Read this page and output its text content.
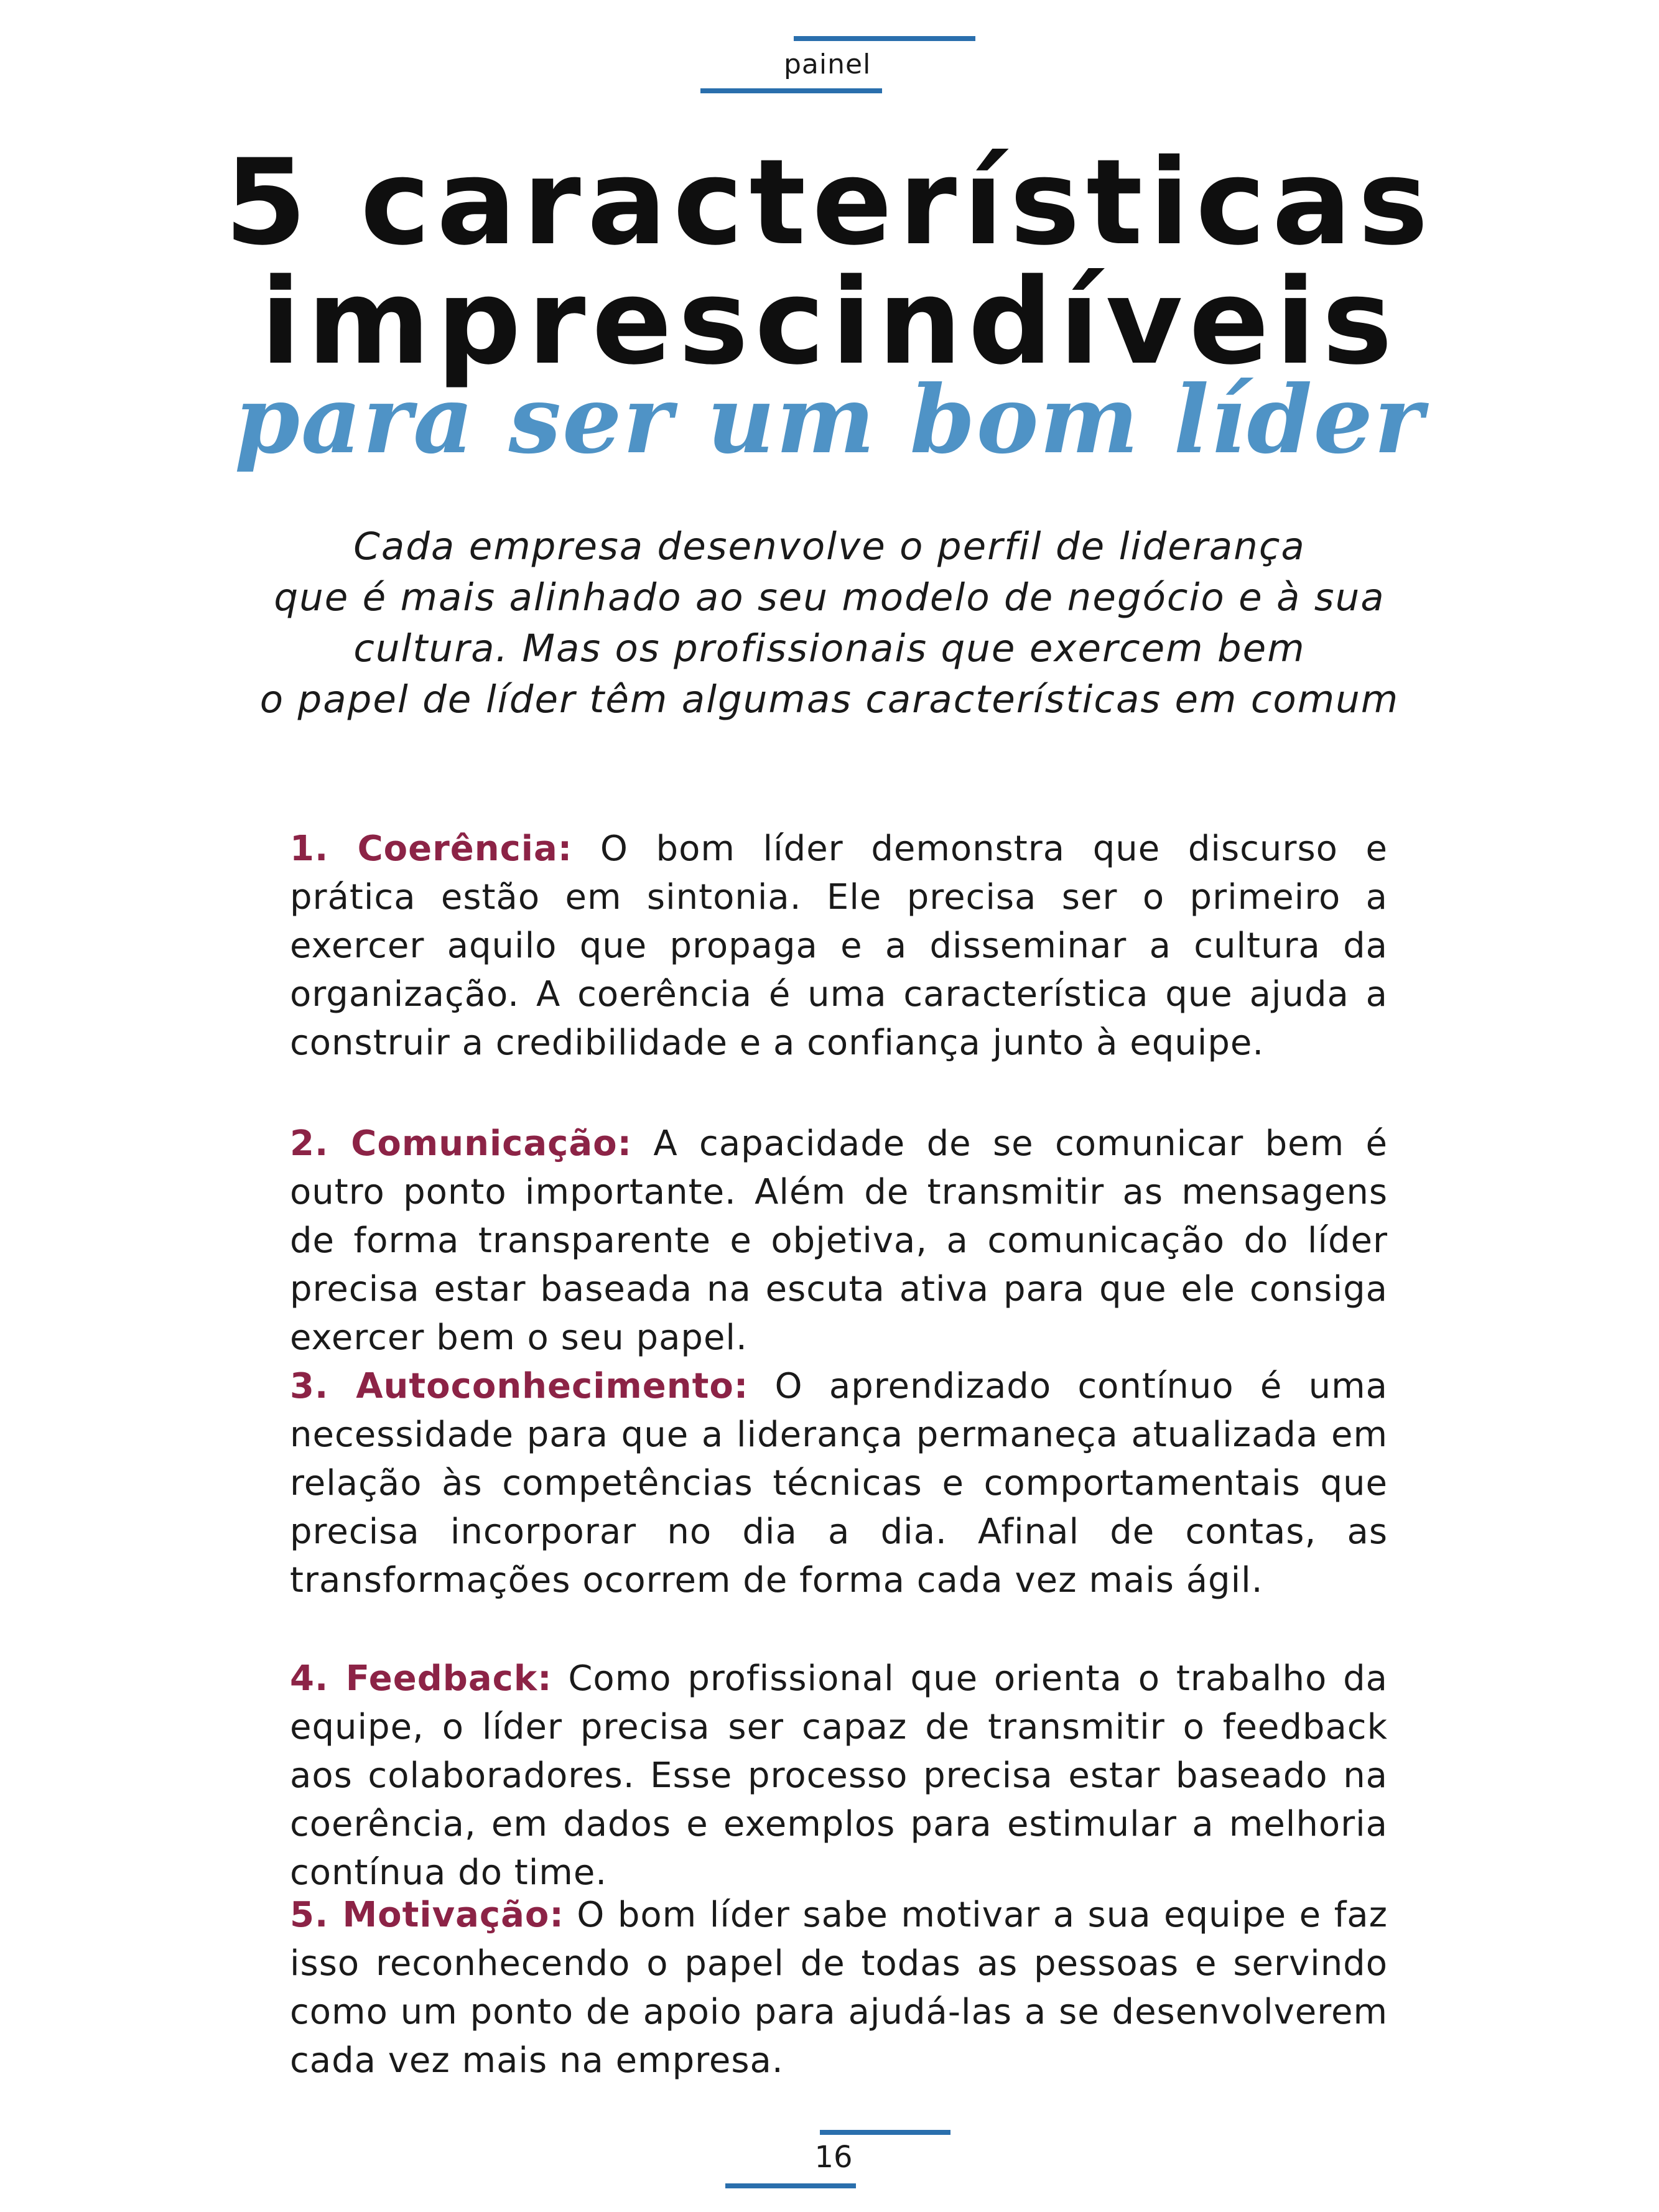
painel
5 características
imprescindíveis
para ser um bom líder
Cada empresa desenvolve o perfil de liderança
que é mais alinhado ao seu modelo de negócio e à sua
cultura. Mas os profissionais que exercem bem
o papel de líder têm algumas características em comum

1. Coerência: O bom líder demonstra que discurso e prática estão em sintonia. Ele precisa ser o primeiro a exercer aquilo que propaga e a disseminar a cultura da organização. A coerência é uma característica que ajuda a construir a credibilidade e a confiança junto à equipe.

2. Comunicação: A capacidade de se comunicar bem é outro ponto importante. Além de transmitir as mensagens de forma transparente e objetiva, a comunicação do líder precisa estar baseada na escuta ativa para que ele consiga exercer bem o seu papel.

3. Autoconhecimento: O aprendizado contínuo é uma necessidade para que a liderança permaneça atualizada em relação às competências técnicas e comportamentais que precisa incorporar no dia a dia. Afinal de contas, as transformações ocorrem de forma cada vez mais ágil.

4. Feedback: Como profissional que orienta o trabalho da equipe, o líder precisa ser capaz de transmitir o feedback aos colaboradores. Esse processo precisa estar baseado na coerência, em dados e exemplos para estimular a melhoria contínua do time.

5. Motivação: O bom líder sabe motivar a sua equipe e faz isso reconhecendo o papel de todas as pessoas e servindo como um ponto de apoio para ajudá-las a se desenvolverem cada vez mais na empresa.

16
